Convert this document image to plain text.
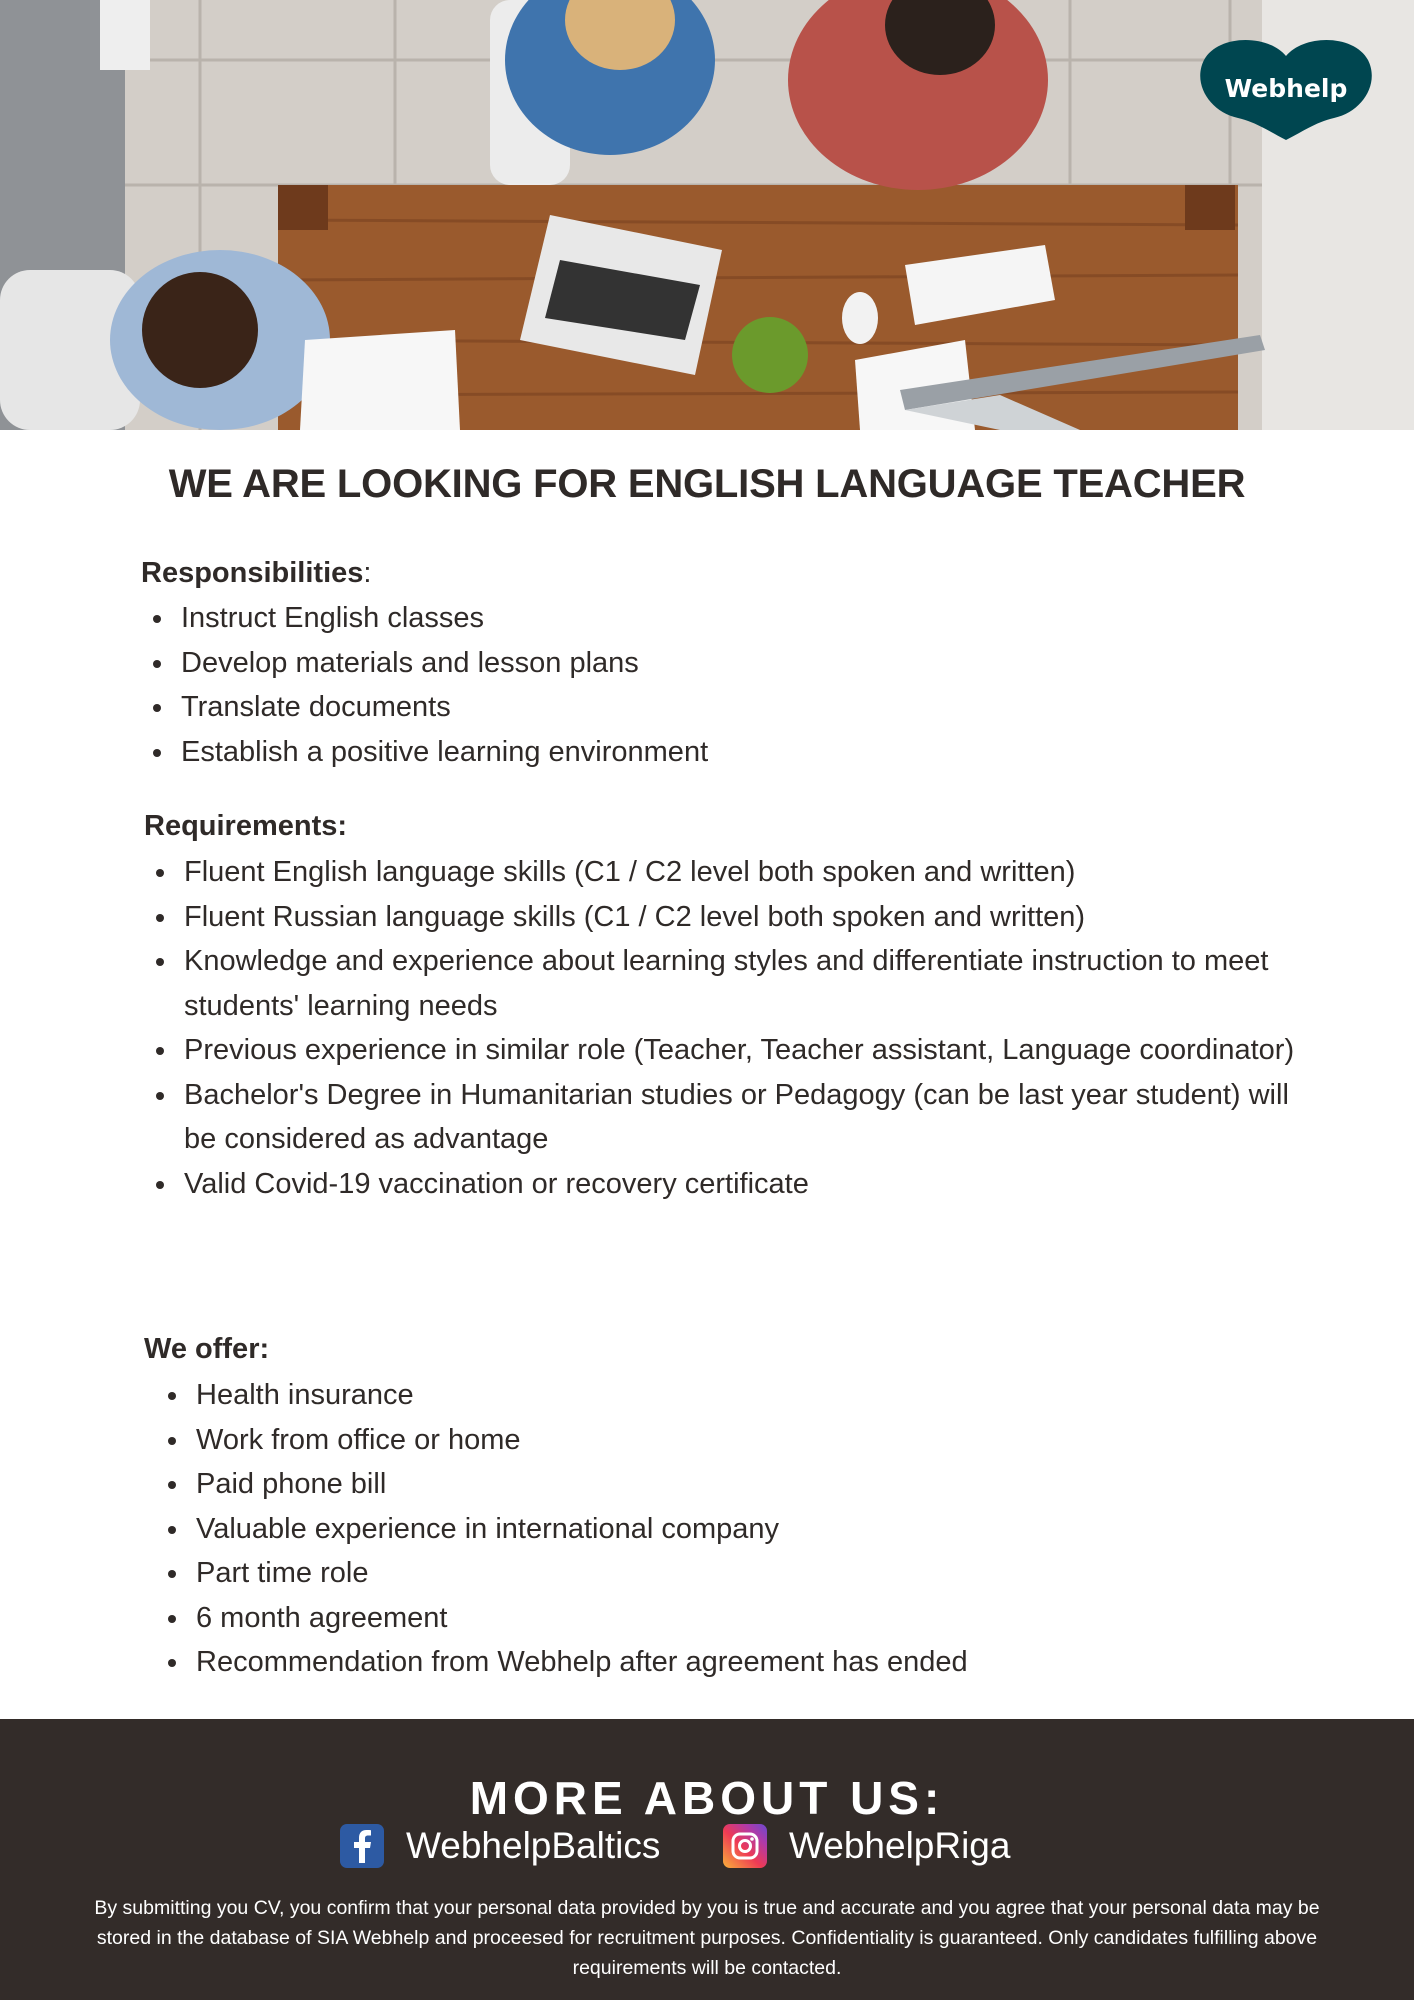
Webhelp
WE ARE LOOKING FOR ENGLISH LANGUAGE TEACHER
Responsibilities:
Instruct English classes
Develop materials and lesson plans
Translate documents
Establish a positive learning environment
Requirements:
Fluent English language skills (C1 / C2 level both spoken and written)
Fluent Russian language skills (C1 / C2 level both spoken and written)
Knowledge and experience about learning styles and differentiate instruction to meet students' learning needs
Previous experience in similar role (Teacher, Teacher assistant, Language coordinator)
Bachelor's Degree in Humanitarian studies or Pedagogy (can be last year student) will be considered as advantage
Valid Covid-19 vaccination or recovery certificate
We offer:
Health insurance
Work from office or home
Paid phone bill
Valuable experience in international company
Part time role
6 month agreement
Recommendation from Webhelp after agreement has ended
MORE ABOUT US:
WebhelpBaltics	WebhelpRiga
By submitting you CV, you confirm that your personal data provided by you is true and accurate and you agree that your personal data may be stored in the database of SIA Webhelp and proceesed for recruitment purposes. Confidentiality is guaranteed. Only candidates fulfilling above requirements will be contacted.
